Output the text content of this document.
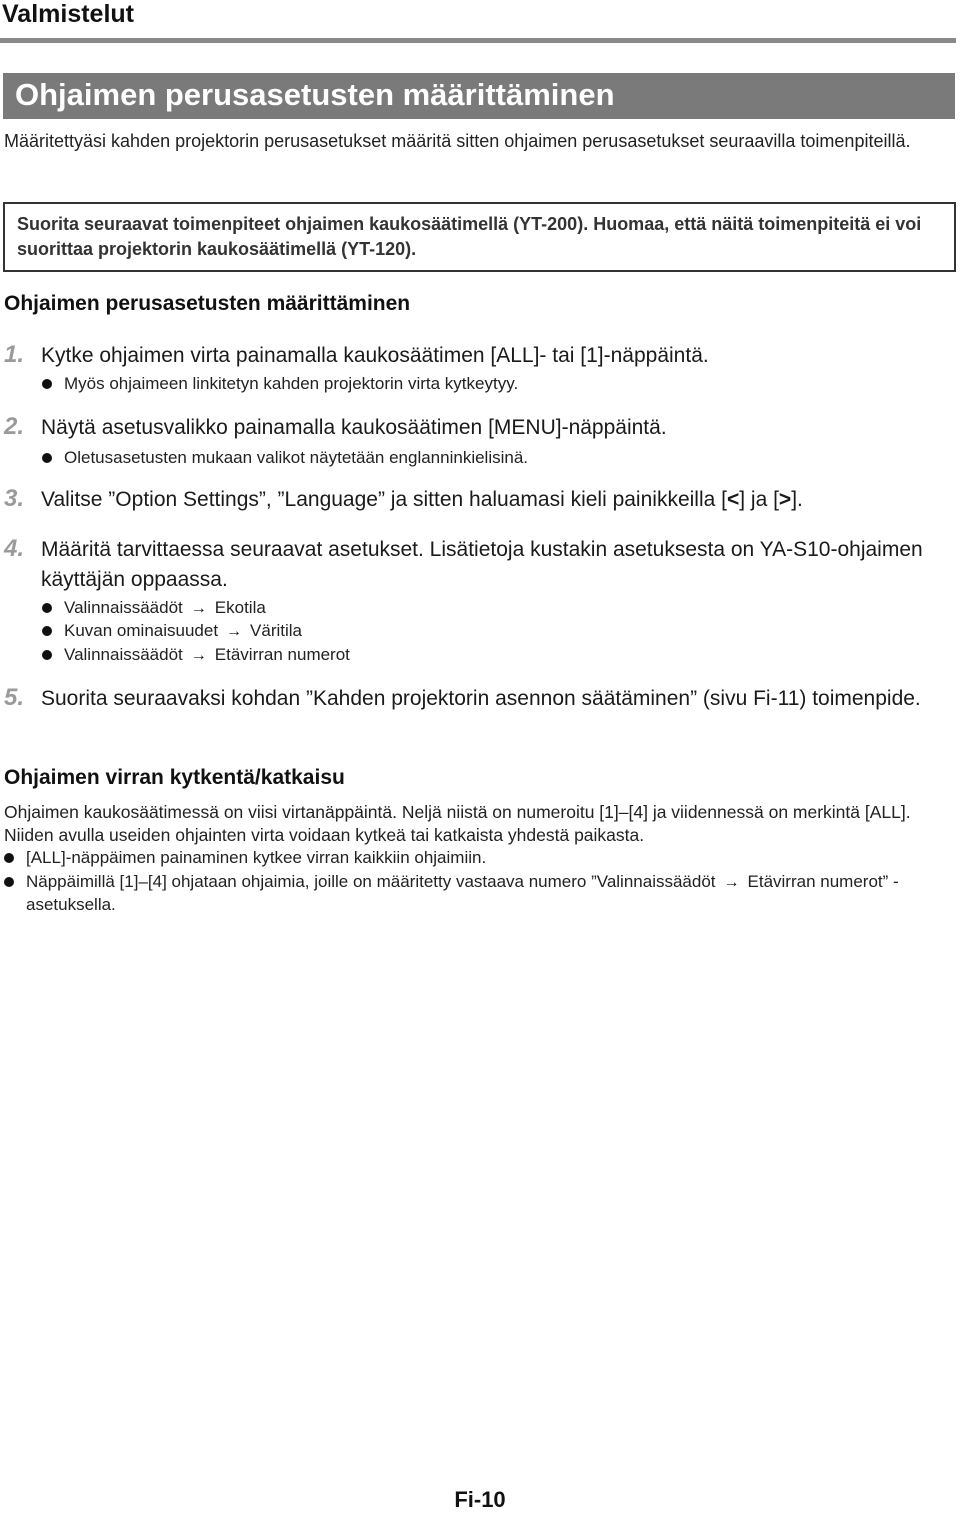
Valmistelut
Ohjaimen perusasetusten määrittäminen
Määritettyäsi kahden projektorin perusasetukset määritä sitten ohjaimen perusasetukset seuraavilla toimenpiteillä.

Suorita seuraavat toimenpiteet ohjaimen kaukosäätimellä (YT-200). Huomaa, että näitä toimenpiteitä ei voi suorittaa projektorin kaukosäätimellä (YT-120).

Ohjaimen perusasetusten määrittäminen
1. Kytke ohjaimen virta painamalla kaukosäätimen [ALL]- tai [1]-näppäintä.
Myös ohjaimeen linkitetyn kahden projektorin virta kytkeytyy.
2. Näytä asetusvalikko painamalla kaukosäätimen [MENU]-näppäintä.
Oletusasetusten mukaan valikot näytetään englanninkielisinä.
3. Valitse ”Option Settings”, ”Language” ja sitten haluamasi kieli painikkeilla [<] ja [>].
4. Määritä tarvittaessa seuraavat asetukset. Lisätietoja kustakin asetuksesta on YA-S10-ohjaimen käyttäjän oppaassa.
Valinnaissäädöt → Ekotila
Kuvan ominaisuudet → Väritila
Valinnaissäädöt → Etävirran numerot
5. Suorita seuraavaksi kohdan ”Kahden projektorin asennon säätäminen” (sivu Fi-11) toimenpide.
Ohjaimen virran kytkentä/katkaisu
Ohjaimen kaukosäätimessä on viisi virtanäppäintä. Neljä niistä on numeroitu [1]–[4] ja viidennessä on merkintä [ALL]. Niiden avulla useiden ohjainten virta voidaan kytkeä tai katkaista yhdestä paikasta.
[ALL]-näppäimen painaminen kytkee virran kaikkiin ohjaimiin.
Näppäimillä [1]–[4] ohjataan ohjaimia, joille on määritetty vastaava numero ”Valinnaissäädöt → Etävirran numerot” -asetuksella.
Fi-10
